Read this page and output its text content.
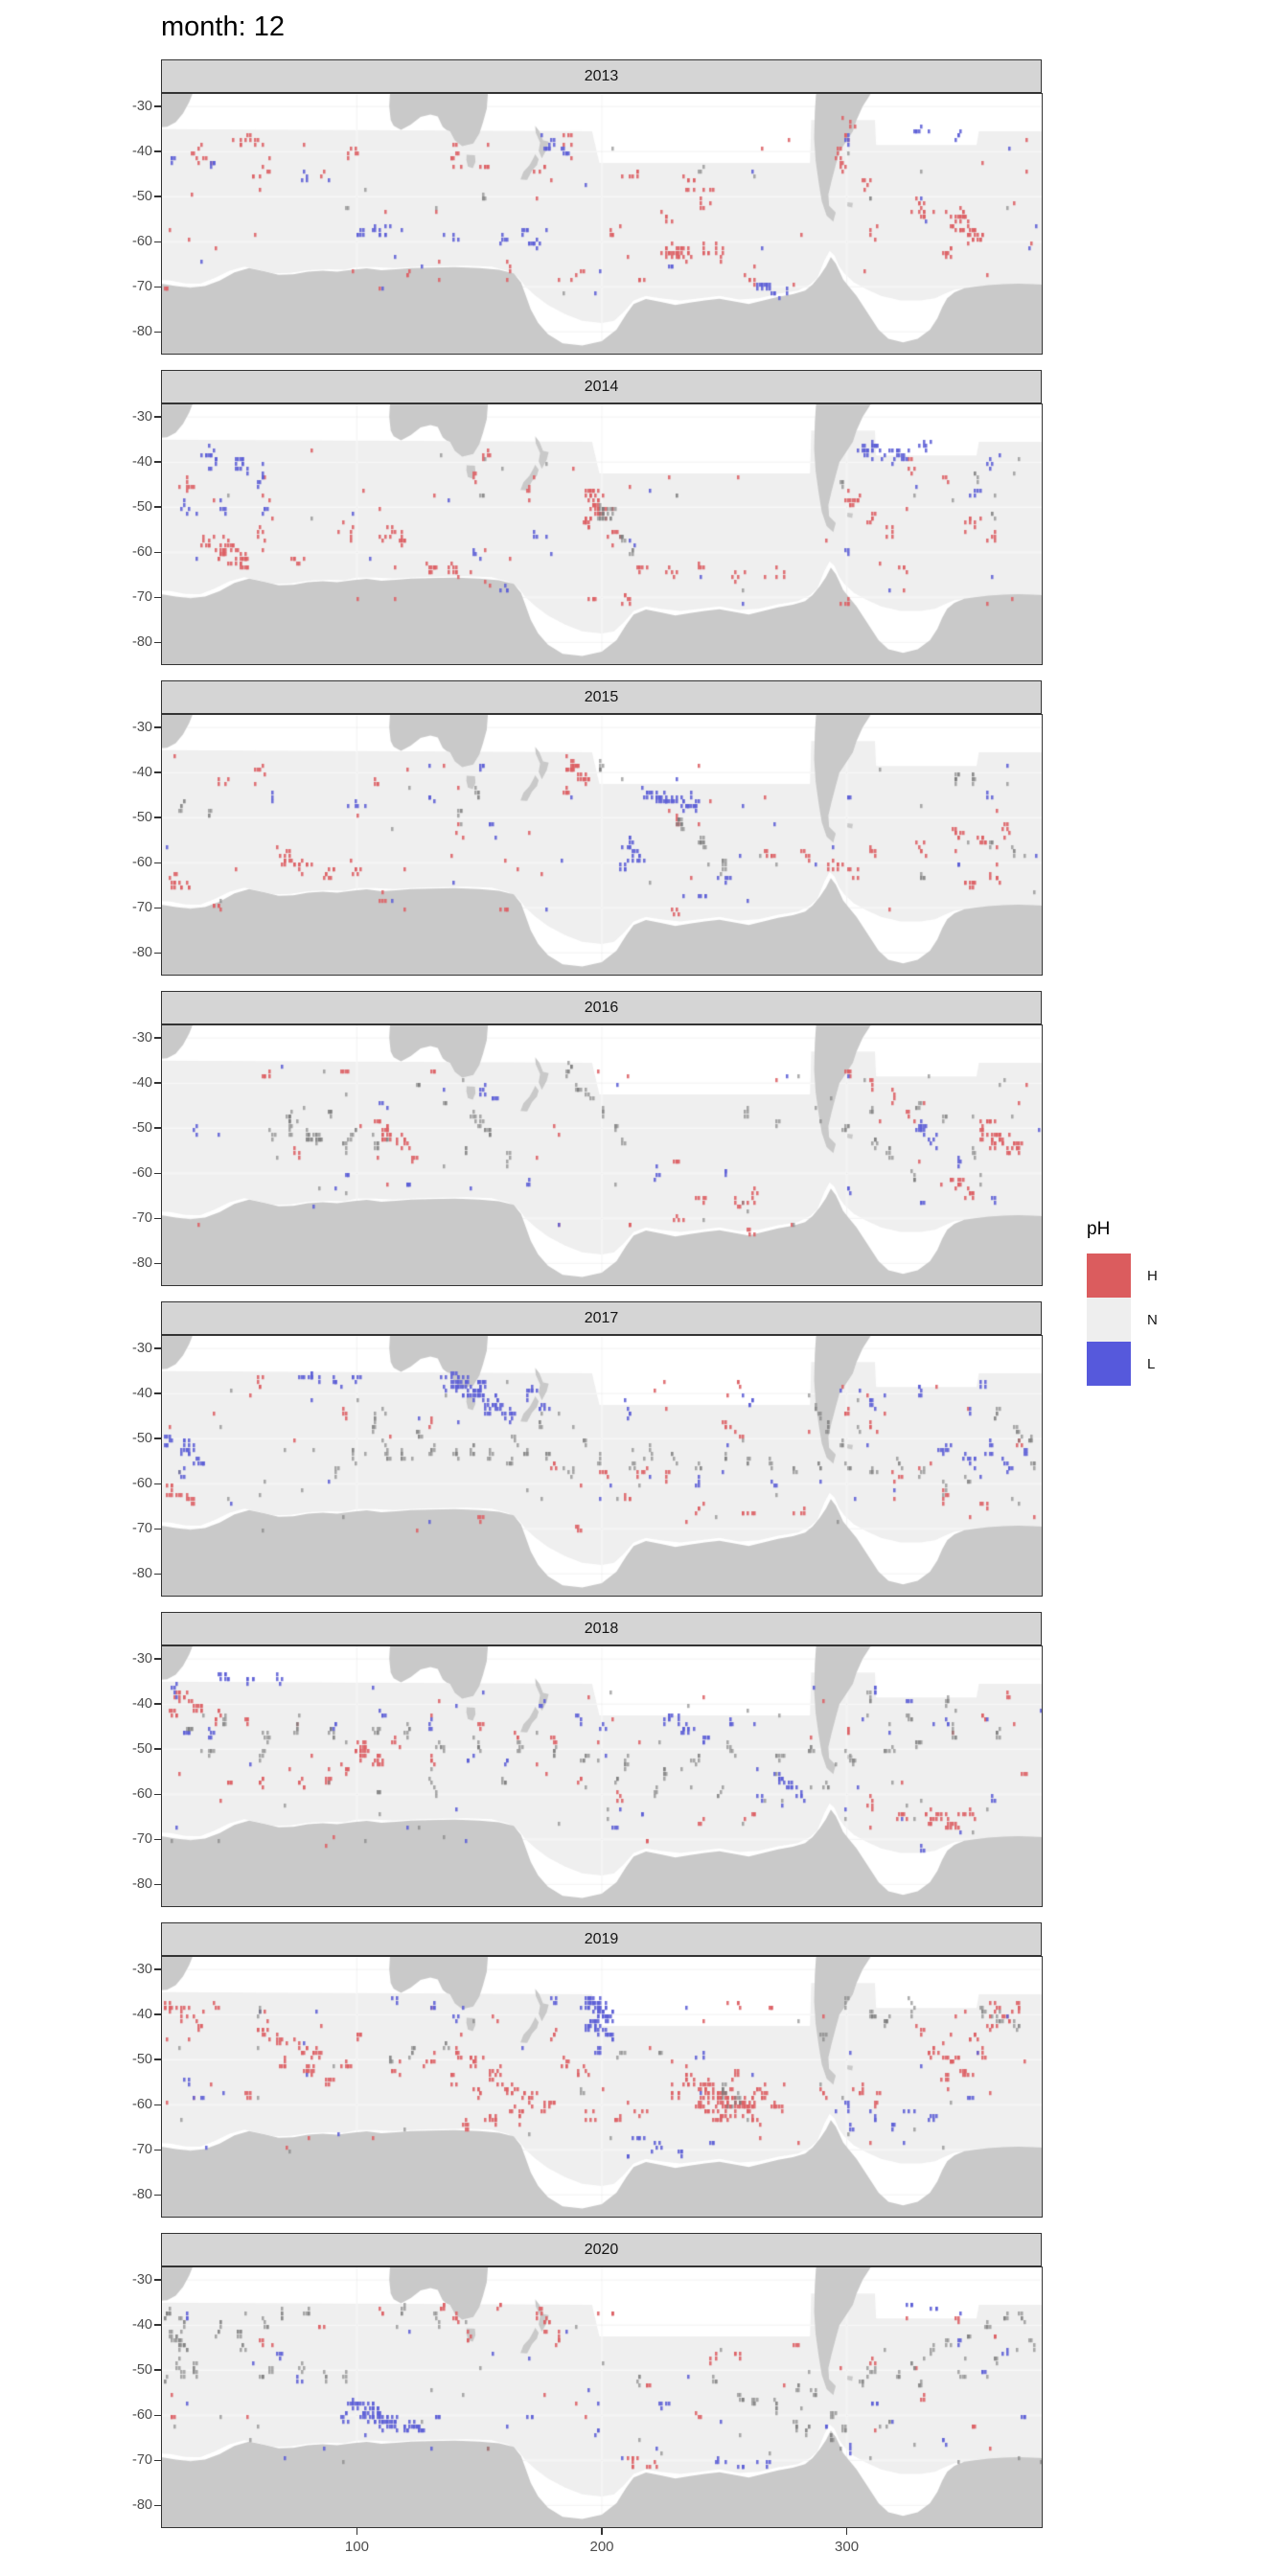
month: 12
2013
-30
-40
-50
-60
-70
-80
2014
-30
-40
-50
-60
-70
-80
2015
-30
-40
-50
-60
-70
-80
2016
-30
-40
-50
-60
-70
-80
2017
-30
-40
-50
-60
-70
-80
2018
-30
-40
-50
-60
-70
-80
2019
-30
-40
-50
-60
-70
-80
2020
-30
-40
-50
-60
-70
-80
100	200	300
pH
H
N
L
